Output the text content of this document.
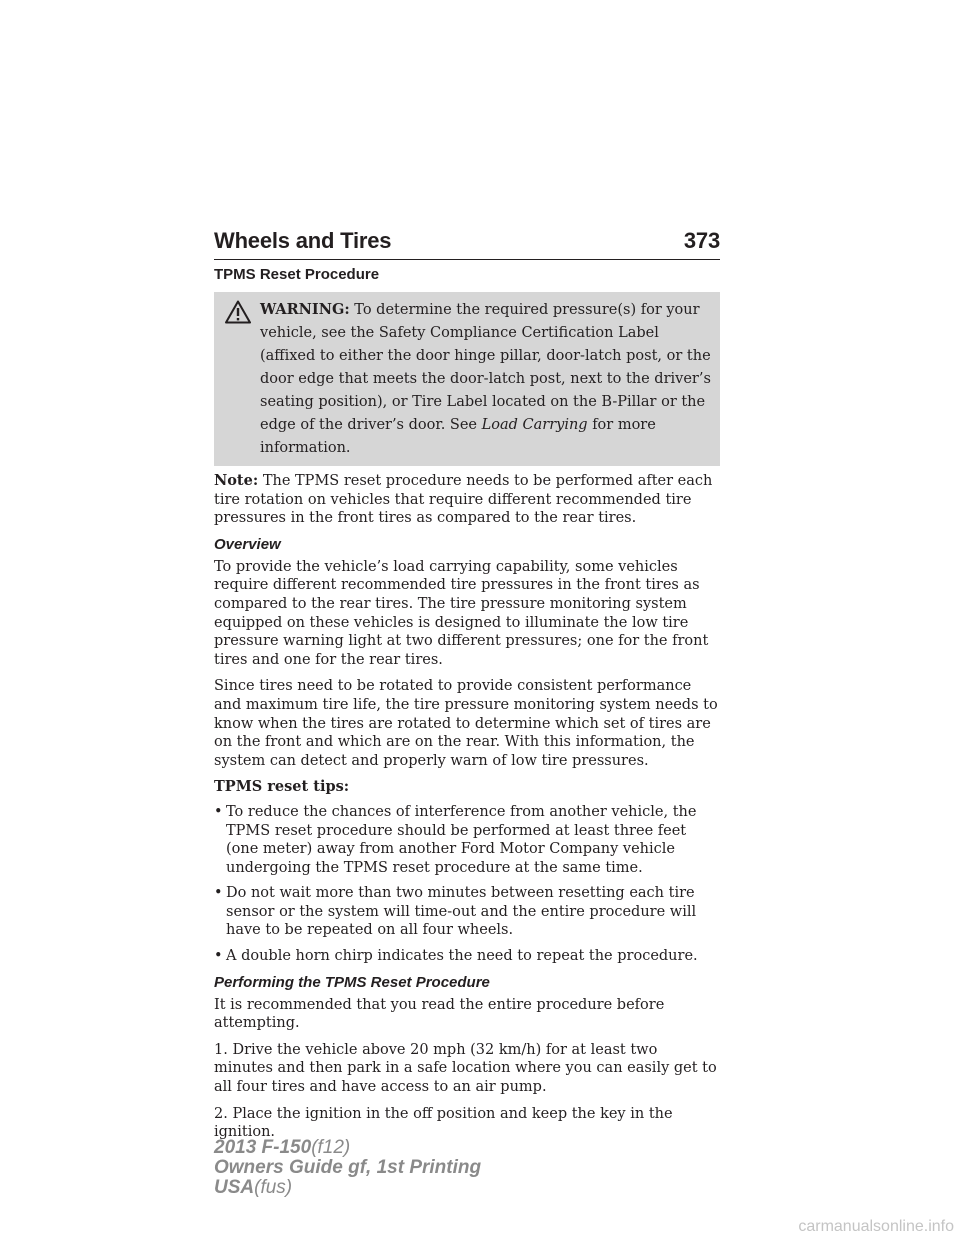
Wheels and Tires	373
TPMS Reset Procedure

WARNING: To determine the required pressure(s) for your vehicle, see the Safety Compliance Certification Label (affixed to either the door hinge pillar, door-latch post, or the door edge that meets the door-latch post, next to the driver’s seating position), or Tire Label located on the B-Pillar or the edge of the driver’s door. See Load Carrying for more information.

Note: The TPMS reset procedure needs to be performed after each tire rotation on vehicles that require different recommended tire pressures in the front tires as compared to the rear tires.

Overview

To provide the vehicle’s load carrying capability, some vehicles require different recommended tire pressures in the front tires as compared to the rear tires. The tire pressure monitoring system equipped on these vehicles is designed to illuminate the low tire pressure warning light at two different pressures; one for the front tires and one for the rear tires.

Since tires need to be rotated to provide consistent performance and maximum tire life, the tire pressure monitoring system needs to know when the tires are rotated to determine which set of tires are on the front and which are on the rear. With this information, the system can detect and properly warn of low tire pressures.

TPMS reset tips:

• To reduce the chances of interference from another vehicle, the TPMS reset procedure should be performed at least three feet (one meter) away from another Ford Motor Company vehicle undergoing the TPMS reset procedure at the same time.
• Do not wait more than two minutes between resetting each tire sensor or the system will time-out and the entire procedure will have to be repeated on all four wheels.
• A double horn chirp indicates the need to repeat the procedure.
Performing the TPMS Reset Procedure

It is recommended that you read the entire procedure before attempting.

1. Drive the vehicle above 20 mph (32 km/h) for at least two minutes and then park in a safe location where you can easily get to all four tires and have access to an air pump.

2. Place the ignition in the off position and keep the key in the ignition.

2013 F-150(f12)
Owners Guide gf, 1st Printing
USA(fus)
carmanualsonline.info
